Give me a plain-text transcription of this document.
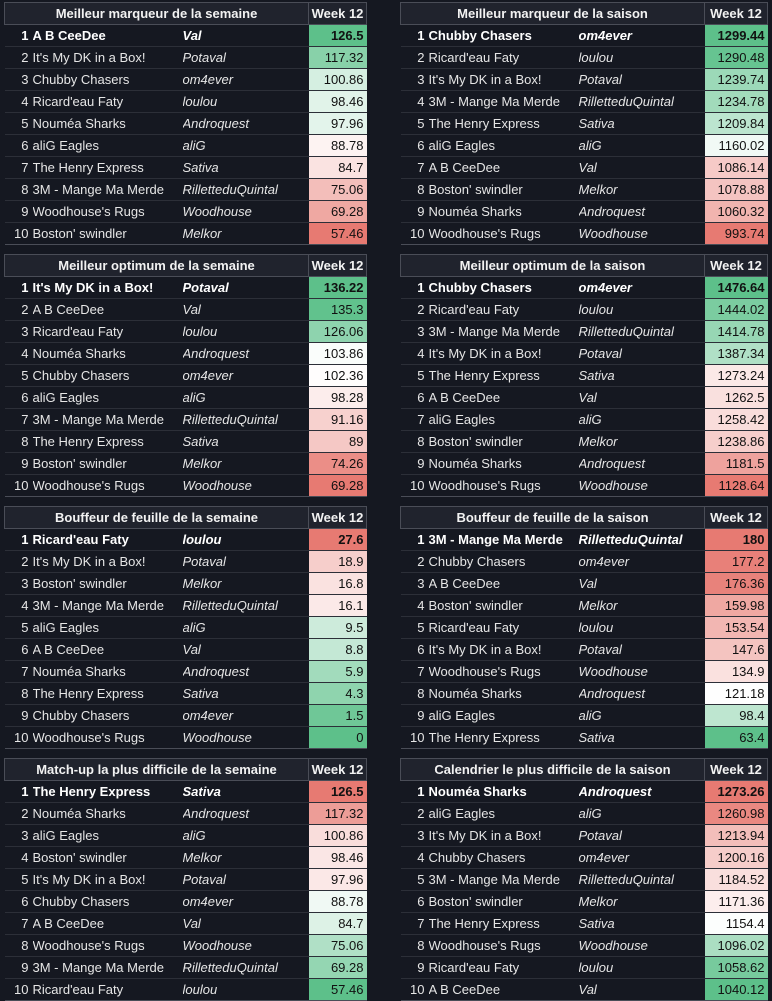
Meilleur marqueur de la semaine			Week 12
1	A B CeeDee	Val	126.5
2	It's My DK in a Box!	Potaval	117.32
3	Chubby Chasers	om4ever	100.86
4	Ricard'eau Faty	loulou	98.46
5	Nouméa Sharks	Androquest	97.96
6	aliG Eagles	aliG	88.78
7	The Henry Express	Sativa	84.7
8	3M - Mange Ma Merde	RilletteduQuintal	75.06
9	Woodhouse's Rugs	Woodhouse	69.28
10	Boston' swindler	Melkor	57.46
Meilleur marqueur de la saison			Week 12
1	Chubby Chasers	om4ever	1299.44
2	Ricard'eau Faty	loulou	1290.48
3	It's My DK in a Box!	Potaval	1239.74
4	3M - Mange Ma Merde	RilletteduQuintal	1234.78
5	The Henry Express	Sativa	1209.84
6	aliG Eagles	aliG	1160.02
7	A B CeeDee	Val	1086.14
8	Boston' swindler	Melkor	1078.88
9	Nouméa Sharks	Androquest	1060.32
10	Woodhouse's Rugs	Woodhouse	993.74
Meilleur optimum de la semaine			Week 12
1	It's My DK in a Box!	Potaval	136.22
2	A B CeeDee	Val	135.3
3	Ricard'eau Faty	loulou	126.06
4	Nouméa Sharks	Androquest	103.86
5	Chubby Chasers	om4ever	102.36
6	aliG Eagles	aliG	98.28
7	3M - Mange Ma Merde	RilletteduQuintal	91.16
8	The Henry Express	Sativa	89
9	Boston' swindler	Melkor	74.26
10	Woodhouse's Rugs	Woodhouse	69.28
Meilleur optimum de la saison			Week 12
1	Chubby Chasers	om4ever	1476.64
2	Ricard'eau Faty	loulou	1444.02
3	3M - Mange Ma Merde	RilletteduQuintal	1414.78
4	It's My DK in a Box!	Potaval	1387.34
5	The Henry Express	Sativa	1273.24
6	A B CeeDee	Val	1262.5
7	aliG Eagles	aliG	1258.42
8	Boston' swindler	Melkor	1238.86
9	Nouméa Sharks	Androquest	1181.5
10	Woodhouse's Rugs	Woodhouse	1128.64
Bouffeur de feuille de la semaine			Week 12
1	Ricard'eau Faty	loulou	27.6
2	It's My DK in a Box!	Potaval	18.9
3	Boston' swindler	Melkor	16.8
4	3M - Mange Ma Merde	RilletteduQuintal	16.1
5	aliG Eagles	aliG	9.5
6	A B CeeDee	Val	8.8
7	Nouméa Sharks	Androquest	5.9
8	The Henry Express	Sativa	4.3
9	Chubby Chasers	om4ever	1.5
10	Woodhouse's Rugs	Woodhouse	0
Bouffeur de feuille de la saison			Week 12
1	3M - Mange Ma Merde	RilletteduQuintal	180
2	Chubby Chasers	om4ever	177.2
3	A B CeeDee	Val	176.36
4	Boston' swindler	Melkor	159.98
5	Ricard'eau Faty	loulou	153.54
6	It's My DK in a Box!	Potaval	147.6
7	Woodhouse's Rugs	Woodhouse	134.9
8	Nouméa Sharks	Androquest	121.18
9	aliG Eagles	aliG	98.4
10	The Henry Express	Sativa	63.4
Match-up la plus difficile de la semaine			Week 12
1	The Henry Express	Sativa	126.5
2	Nouméa Sharks	Androquest	117.32
3	aliG Eagles	aliG	100.86
4	Boston' swindler	Melkor	98.46
5	It's My DK in a Box!	Potaval	97.96
6	Chubby Chasers	om4ever	88.78
7	A B CeeDee	Val	84.7
8	Woodhouse's Rugs	Woodhouse	75.06
9	3M - Mange Ma Merde	RilletteduQuintal	69.28
10	Ricard'eau Faty	loulou	57.46
Calendrier le plus difficile de la saison			Week 12
1	Nouméa Sharks	Androquest	1273.26
2	aliG Eagles	aliG	1260.98
3	It's My DK in a Box!	Potaval	1213.94
4	Chubby Chasers	om4ever	1200.16
5	3M - Mange Ma Merde	RilletteduQuintal	1184.52
6	Boston' swindler	Melkor	1171.36
7	The Henry Express	Sativa	1154.4
8	Woodhouse's Rugs	Woodhouse	1096.02
9	Ricard'eau Faty	loulou	1058.62
10	A B CeeDee	Val	1040.12
